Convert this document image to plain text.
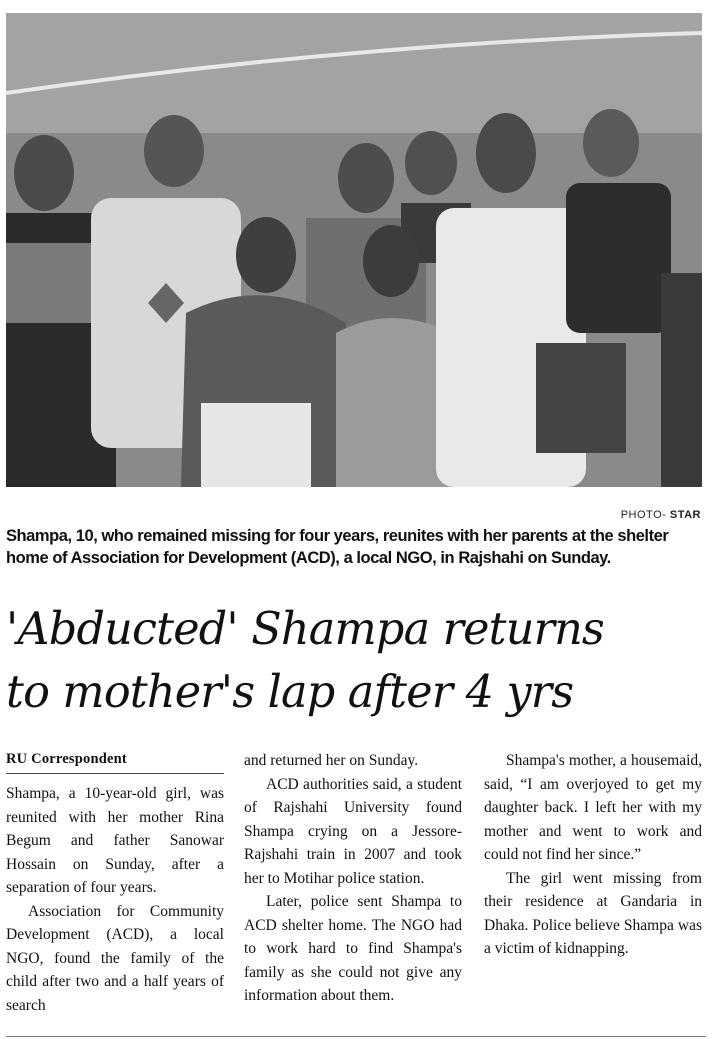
PHOTO- STAR
Shampa, 10, who remained missing for four years, reunites with her parents at the shelter home of Association for Development (ACD), a local NGO, in Rajshahi on Sunday.
'Abducted' Shampa returns
to mother's lap after 4 yrs
RU Correspondent

Shampa, a 10-year-old girl, was reunited with her mother Rina Begum and father Sanowar Hossain on Sunday, after a separation of four years.

Association for Community Development (ACD), a local NGO, found the family of the child after two and a half years of search

and returned her on Sunday.

ACD authorities said, a student of Rajshahi University found Shampa crying on a Jessore-Rajshahi train in 2007 and took her to Motihar police station.

Later, police sent Shampa to ACD shelter home. The NGO had to work hard to find Shampa's family as she could not give any information about them.

Shampa's mother, a housemaid, said, “I am overjoyed to get my daughter back. I left her with my mother and went to work and could not find her since.”

The girl went missing from their residence at Gandaria in Dhaka. Police believe Shampa was a victim of kidnapping.
